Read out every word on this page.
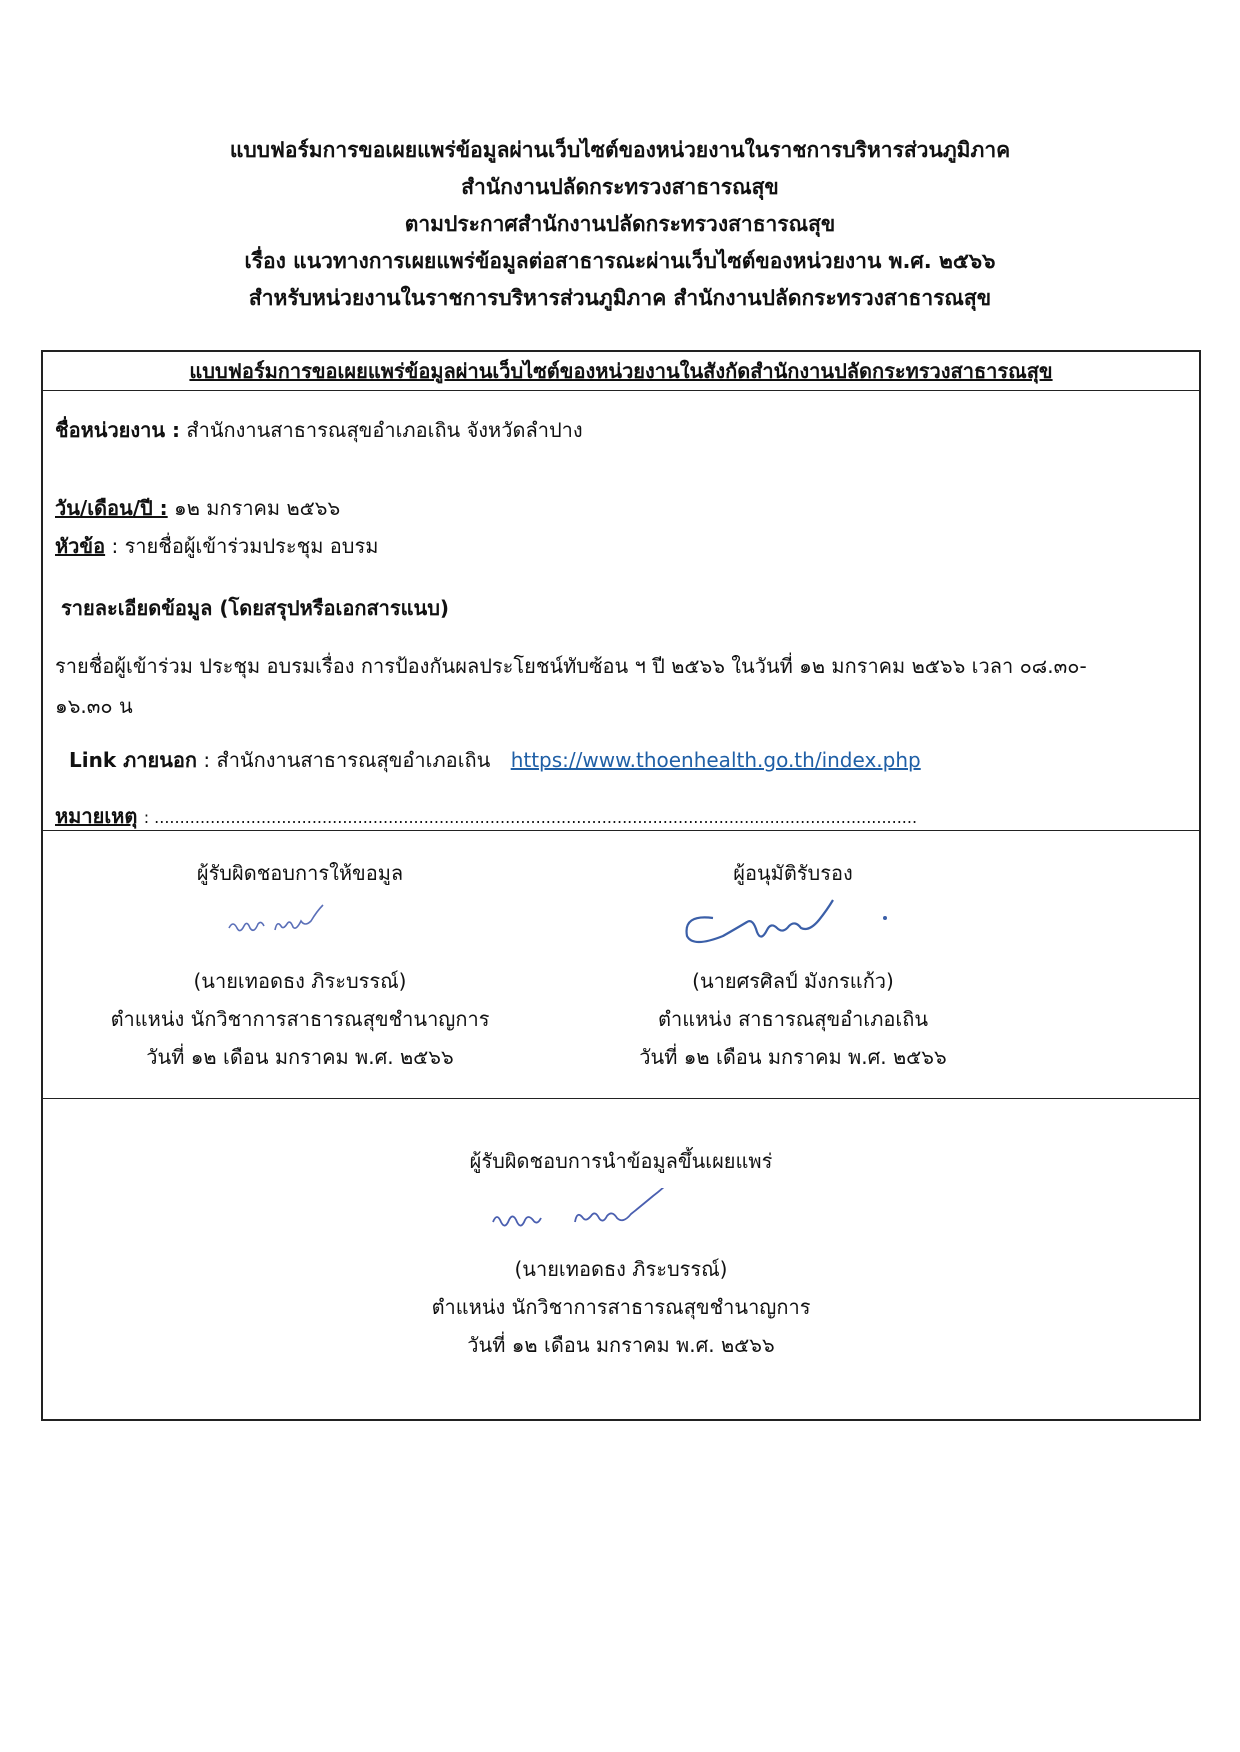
แบบฟอร์มการขอเผยแพร่ข้อมูลผ่านเว็บไซต์ของหน่วยงานในราชการบริหารส่วนภูมิภาค
สำนักงานปลัดกระทรวงสาธารณสุข
ตามประกาศสำนักงานปลัดกระทรวงสาธารณสุข
เรื่อง แนวทางการเผยแพร่ข้อมูลต่อสาธารณะผ่านเว็บไซต์ของหน่วยงาน พ.ศ. ๒๕๖๖
สำหรับหน่วยงานในราชการบริหารส่วนภูมิภาค สำนักงานปลัดกระทรวงสาธารณสุข
แบบฟอร์มการขอเผยแพร่ข้อมูลผ่านเว็บไซต์ของหน่วยงานในสังกัดสำนักงานปลัดกระทรวงสาธารณสุข
ชื่อหน่วยงาน : สำนักงานสาธารณสุขอำเภอเถิน จังหวัดลำปาง
วัน/เดือน/ปี : ๑๒ มกราคม ๒๕๖๖
หัวข้อ : รายชื่อผู้เข้าร่วมประชุม อบรม
รายละเอียดข้อมูล (โดยสรุปหรือเอกสารแนบ)
รายชื่อผู้เข้าร่วม ประชุม อบรมเรื่อง การป้องกันผลประโยชน์ทับซ้อน ฯ ปี ๒๕๖๖ ในวันที่ ๑๒ มกราคม ๒๕๖๖ เวลา ๐๘.๓๐-
๑๖.๓๐ น
Link ภายนอก : สำนักงานสาธารณสุขอำเภอเถิน https://www.thoenhealth.go.th/index.php
หมายเหตุ : ......................................................................................................................................................
ผู้รับผิดชอบการให้ขอมูล
(นายเทอดธง ภิระบรรณ์)
ตำแหน่ง นักวิชาการสาธารณสุขชำนาญการ
วันที่ ๑๒ เดือน มกราคม พ.ศ. ๒๕๖๖
ผู้อนุมัติรับรอง
(นายศรศิลป์ มังกรแก้ว)
ตำแหน่ง สาธารณสุขอำเภอเถิน
วันที่ ๑๒ เดือน มกราคม พ.ศ. ๒๕๖๖
ผู้รับผิดชอบการนำข้อมูลขึ้นเผยแพร่
(นายเทอดธง ภิระบรรณ์)
ตำแหน่ง นักวิชาการสาธารณสุขชำนาญการ
วันที่ ๑๒ เดือน มกราคม พ.ศ. ๒๕๖๖
